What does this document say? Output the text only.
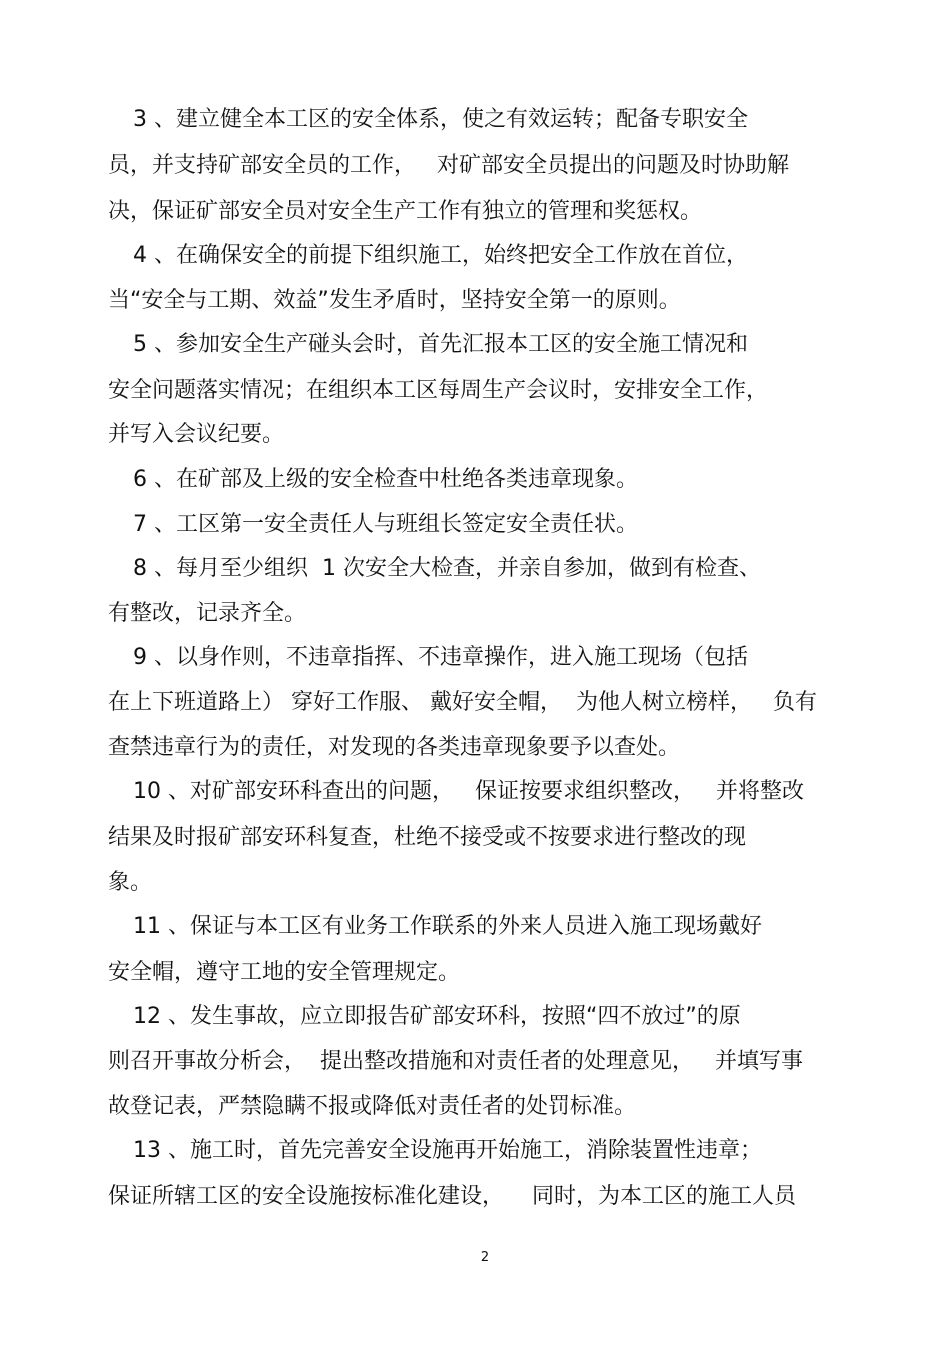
3 、建立健全本工区的安全体系，使之有效运转；配备专职安全
员，并支持矿部安全员的工作，   对矿部安全员提出的问题及时协助解
决，保证矿部安全员对安全生产工作有独立的管理和奖惩权。
4 、在确保安全的前提下组织施工，始终把安全工作放在首位，
当“安全与工期、效益”发生矛盾时，坚持安全第一的原则。
5 、参加安全生产碰头会时，首先汇报本工区的安全施工情况和
安全问题落实情况；在组织本工区每周生产会议时，安排安全工作，
并写入会议纪要。
6 、在矿部及上级的安全检查中杜绝各类违章现象。
7 、工区第一安全责任人与班组长签定安全责任状。
8 、每月至少组织  1 次安全大检查，并亲自参加，做到有检查、
有整改，记录齐全。
9 、以身作则，不违章指挥、不违章操作，进入施工现场（包括
在上下班道路上） 穿好工作服、 戴好安全帽，  为他人树立榜样，   负有
查禁违章行为的责任，对发现的各类违章现象要予以查处。
10 、对矿部安环科查出的问题，   保证按要求组织整改，   并将整改
结果及时报矿部安环科复查，杜绝不接受或不按要求进行整改的现
象。
11 、保证与本工区有业务工作联系的外来人员进入施工现场戴好
安全帽，遵守工地的安全管理规定。
12 、发生事故，应立即报告矿部安环科，按照“四不放过”的原
则召开事故分析会，  提出整改措施和对责任者的处理意见，   并填写事
故登记表，严禁隐瞒不报或降低对责任者的处罚标准。
13 、施工时，首先完善安全设施再开始施工，消除装置性违章；
保证所辖工区的安全设施按标准化建设，    同时，为本工区的施工人员
2
